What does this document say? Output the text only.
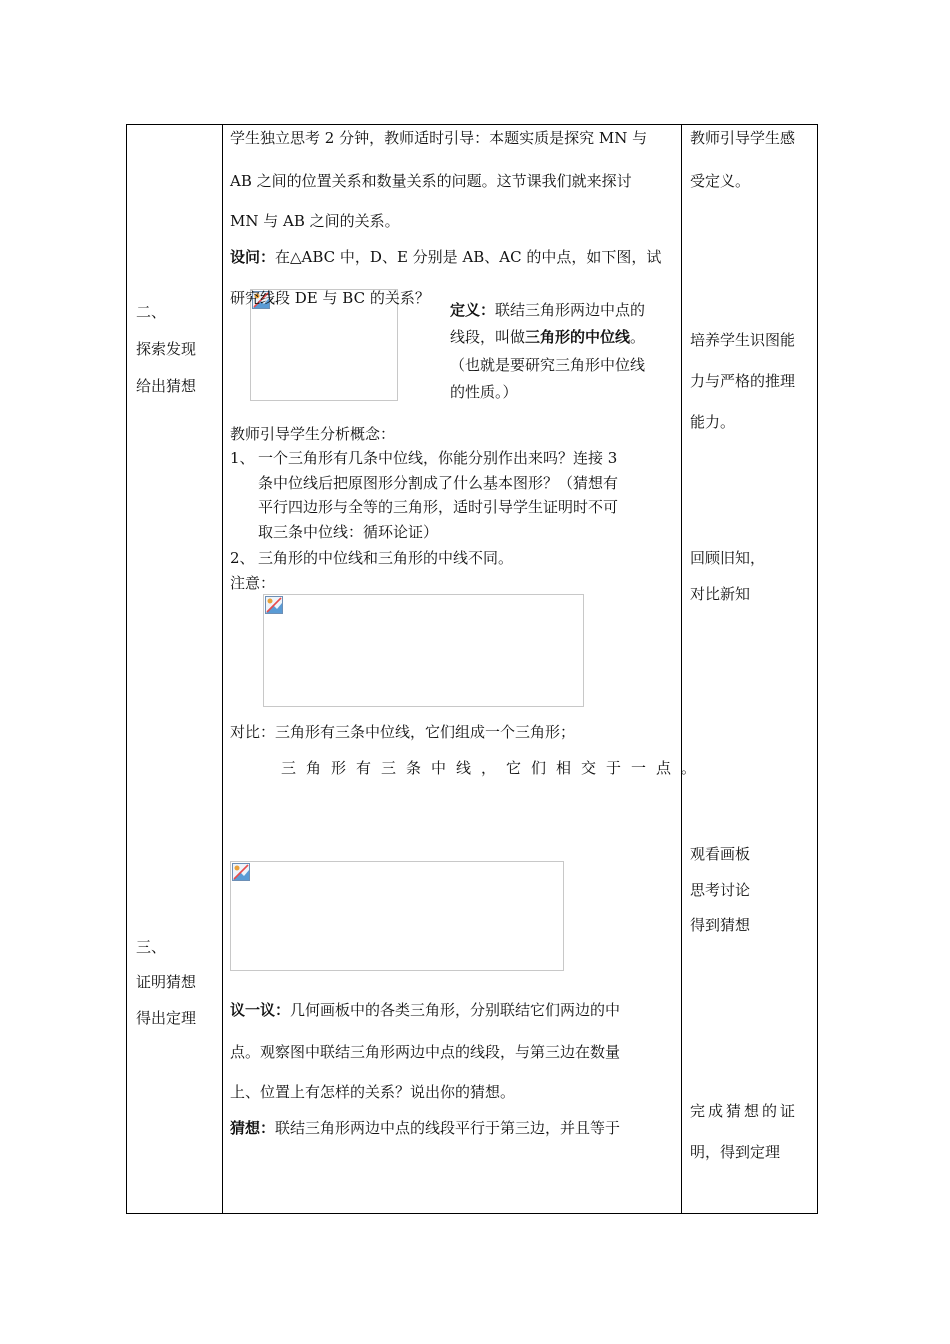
二、
探索发现
给出猜想
三、
证明猜想
得出定理
学生独立思考 2 分钟，教师适时引导：本题实质是探究 MN 与
AB 之间的位置关系和数量关系的问题。这节课我们就来探讨
MN 与 AB 之间的关系。
设问：在△ABC 中，D、E 分别是 AB、AC 的中点，如下图，试
研究线段 DE 与 BC 的关系？
定义：联结三角形两边中点的
线段，叫做三角形的中位线。
（也就是要研究三角形中位线
的性质。）
教师引导学生分析概念：
1、 一个三角形有几条中位线，你能分别作出来吗？连接 3
条中位线后把原图形分割成了什么基本图形？（猜想有
平行四边形与全等的三角形，适时引导学生证明时不可
取三条中位线：循环论证）
2、 三角形的中位线和三角形的中线不同。
注意：
对比：三角形有三条中位线，它们组成一个三角形；
三角形有三条中线，它们相交于一点。
议一议：几何画板中的各类三角形，分别联结它们两边的中
点。观察图中联结三角形两边中点的线段，与第三边在数量
上、位置上有怎样的关系？说出你的猜想。
猜想：联结三角形两边中点的线段平行于第三边，并且等于
教师引导学生感
受定义。
培养学生识图能
力与严格的推理
能力。
回顾旧知，
对比新知
观看画板
思考讨论
得到猜想
完成猜想的证
明，得到定理
